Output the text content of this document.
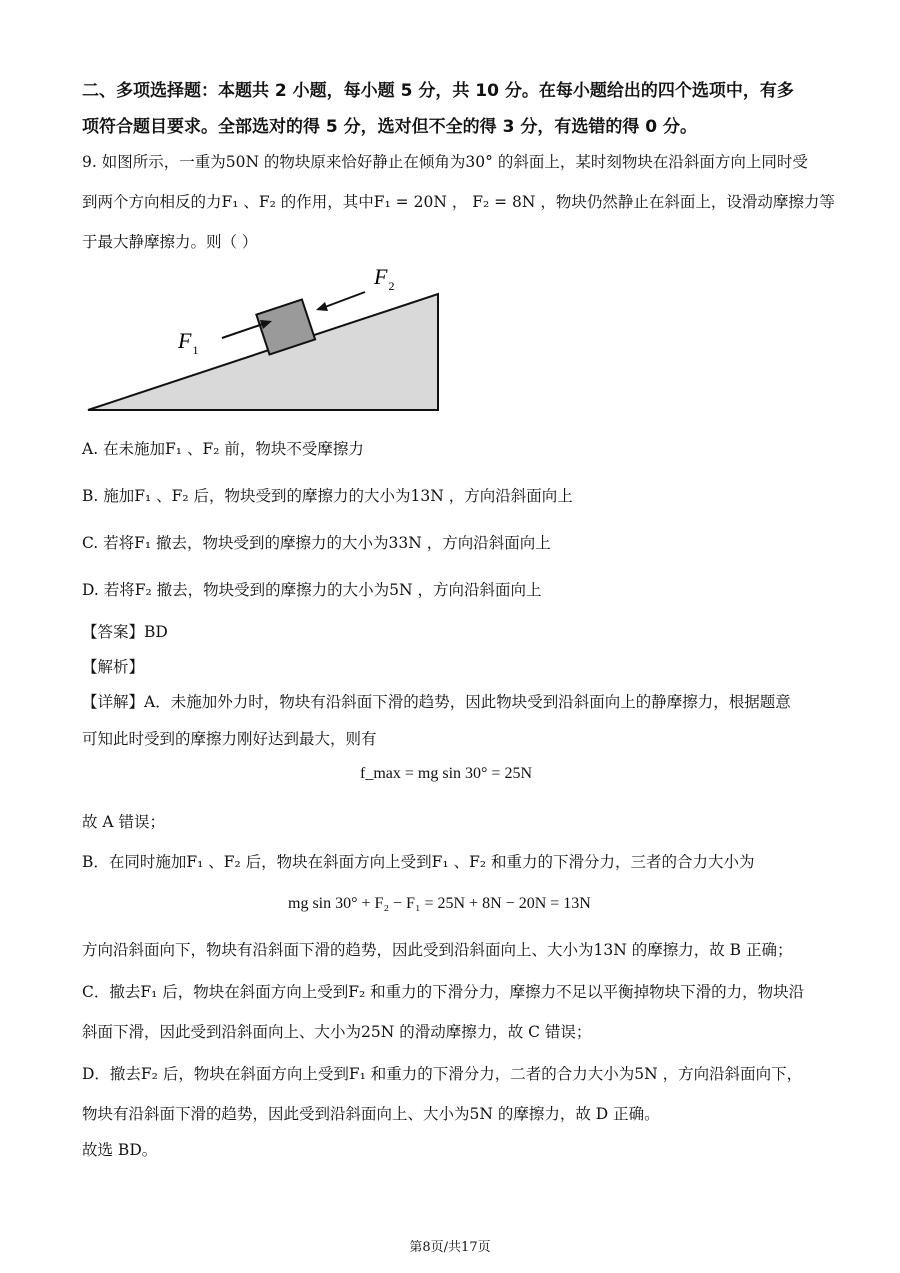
二、多项选择题：本题共 2 小题，每小题 5 分，共 10 分。在每小题给出的四个选项中，有多
项符合题目要求。全部选对的得 5 分，选对但不全的得 3 分，有选错的得 0 分。
9. 如图所示，一重为50N 的物块原来恰好静止在倾角为30° 的斜面上，某时刻物块在沿斜面方向上同时受
到两个方向相反的力F₁ 、F₂ 的作用，其中F₁ = 20N ， F₂ = 8N ，物块仍然静止在斜面上，设滑动摩擦力等
于最大静摩擦力。则（ ）
$F_1$
$F_2$
A. 在未施加F₁ 、F₂ 前，物块不受摩擦力
B. 施加F₁ 、F₂ 后，物块受到的摩擦力的大小为13N ，方向沿斜面向上
C. 若将F₁ 撤去，物块受到的摩擦力的大小为33N ，方向沿斜面向上
D. 若将F₂ 撤去，物块受到的摩擦力的大小为5N ，方向沿斜面向上
【答案】BD
【解析】
【详解】A．未施加外力时，物块有沿斜面下滑的趋势，因此物块受到沿斜面向上的静摩擦力，根据题意
可知此时受到的摩擦力刚好达到最大，则有
f_max = mg sin 30° = 25N
故 A 错误；
B．在同时施加F₁ 、F₂ 后，物块在斜面方向上受到F₁ 、F₂ 和重力的下滑分力，三者的合力大小为
mg sin 30° + F₂ − F₁ = 25N + 8N − 20N = 13N
方向沿斜面向下，物块有沿斜面下滑的趋势，因此受到沿斜面向上、大小为13N 的摩擦力，故 B 正确；
C．撤去F₁ 后，物块在斜面方向上受到F₂ 和重力的下滑分力，摩擦力不足以平衡掉物块下滑的力，物块沿
斜面下滑，因此受到沿斜面向上、大小为25N 的滑动摩擦力，故 C 错误；
D．撤去F₂ 后，物块在斜面方向上受到F₁ 和重力的下滑分力，二者的合力大小为5N ，方向沿斜面向下，
物块有沿斜面下滑的趋势，因此受到沿斜面向上、大小为5N 的摩擦力，故 D 正确。
故选 BD。
第8页/共17页
